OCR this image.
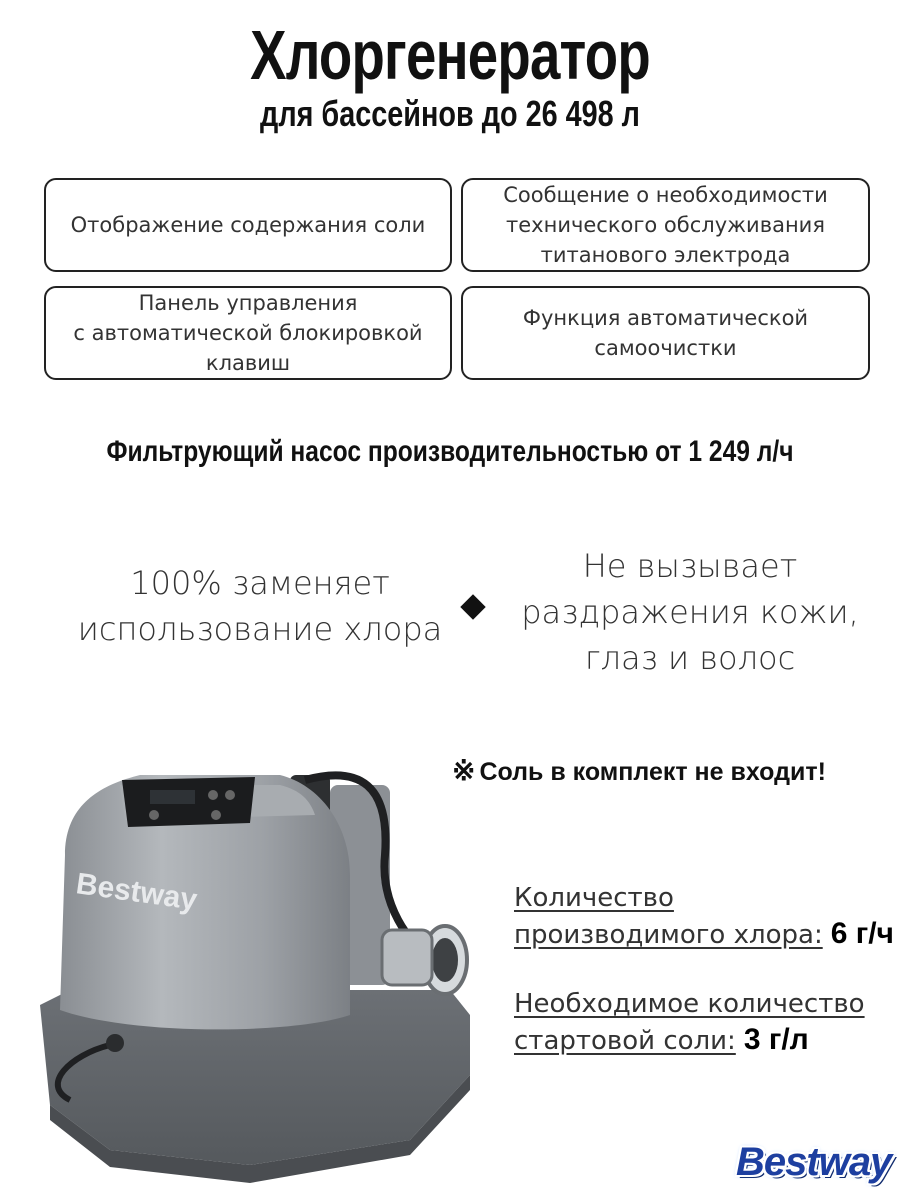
Хлоргенератор
для бассейнов до 26 498 л
Отображение содержания соли
Сообщение о необходимости
технического обслуживания
титанового электрода
Панель управления
с автоматической блокировкой
клавиш
Функция автоматической
самоочистки
Фильтрующий насос производительностью от 1 249 л/ч
100% заменяет
использование хлора
Не вызывает
раздражения кожи,
глаз и волос
※ Соль в комплект не входит!
Bestway	Количество
производимого хлора: 6 г/ч
Необходимое количество
стартовой соли: 3 г/л
Bestway
